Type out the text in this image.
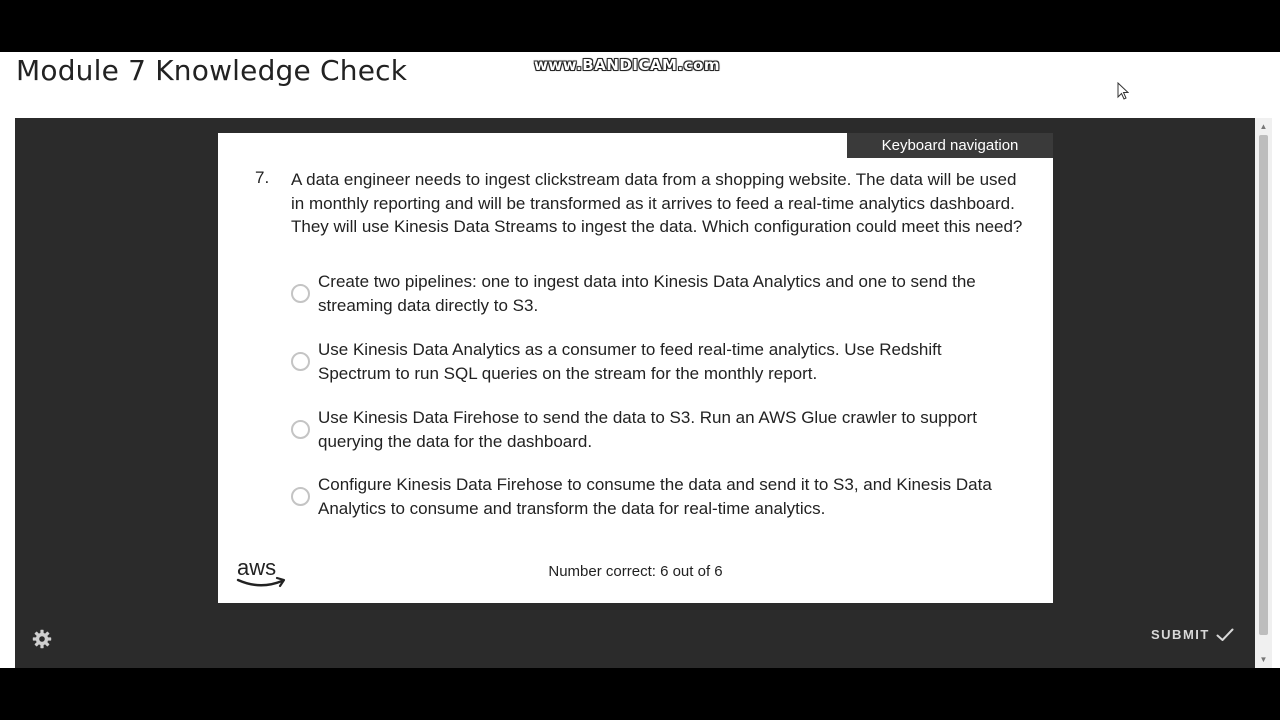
Module 7 Knowledge Check	www.BANDICAM.com
Keyboard navigation
7. A data engineer needs to ingest clickstream data from a shopping website. The data will be used in monthly reporting and will be transformed as it arrives to feed a real-time analytics dashboard. They will use Kinesis Data Streams to ingest the data. Which configuration could meet this need?

Create two pipelines: one to ingest data into Kinesis Data Analytics and one to send the streaming data directly to S3.
Use Kinesis Data Analytics as a consumer to feed real-time analytics. Use Redshift Spectrum to run SQL queries on the stream for the monthly report.
Use Kinesis Data Firehose to send the data to S3. Run an AWS Glue crawler to support querying the data for the dashboard.
Configure Kinesis Data Firehose to consume the data and send it to S3, and Kinesis Data Analytics to consume and transform the data for real-time analytics.
aws	Number correct: 6 out of 6
SUBMIT
▲
▼
